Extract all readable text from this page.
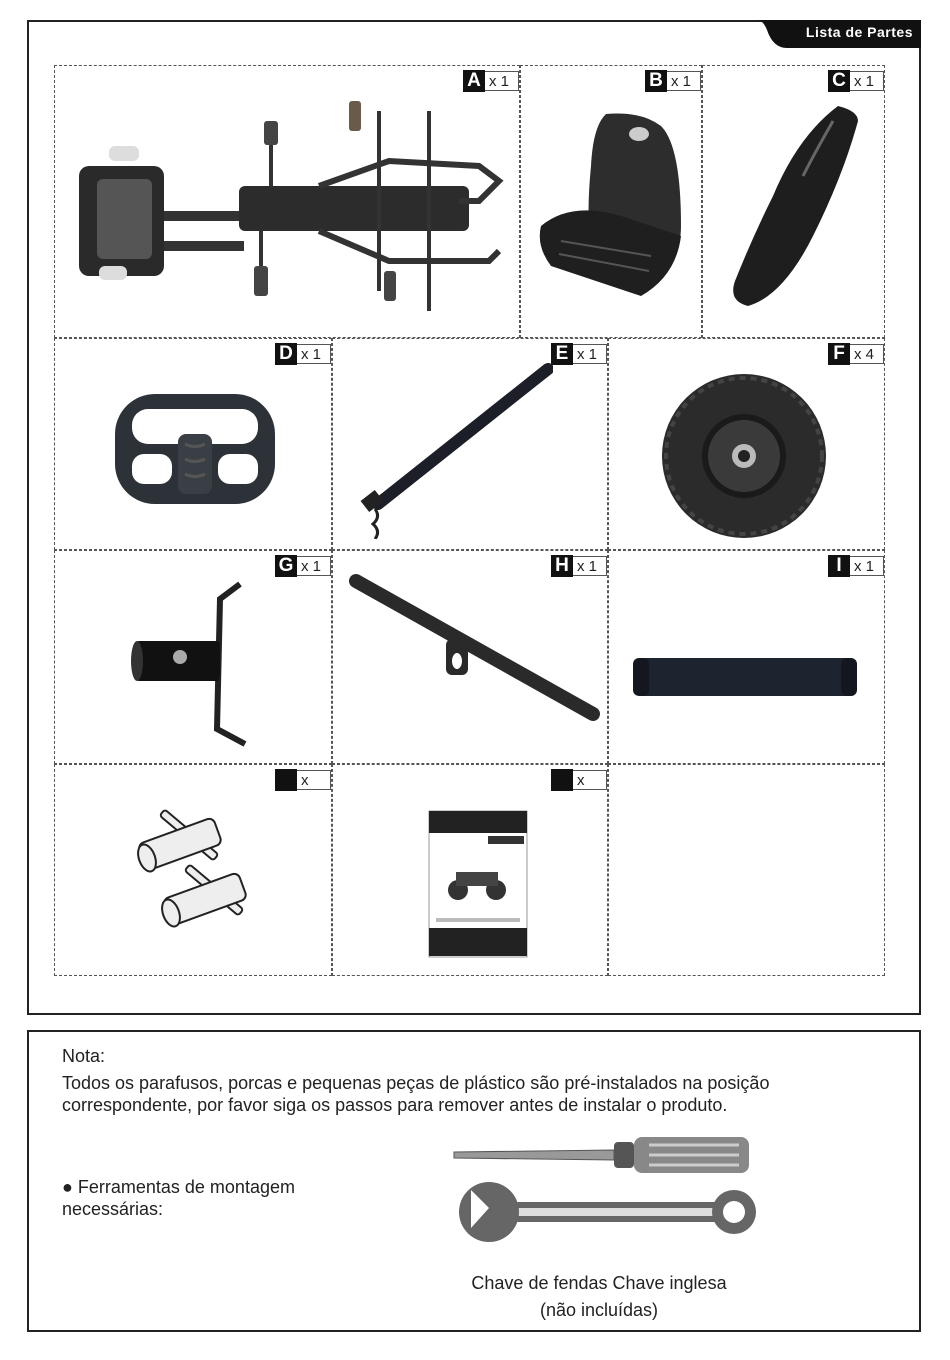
Lista de Partes
A x 1	B x 1	C x 1
D x 1	E x 1	F x 4
G x 1	H x 1	I x 1
x	x
Nota:
Todos os parafusos, porcas e pequenas peças de plástico são pré-instalados na posição correspondente, por favor siga os passos para remover antes de instalar o produto.
● Ferramentas de montagem necessárias:
Chave de fendas Chave inglesa
(não incluídas)
